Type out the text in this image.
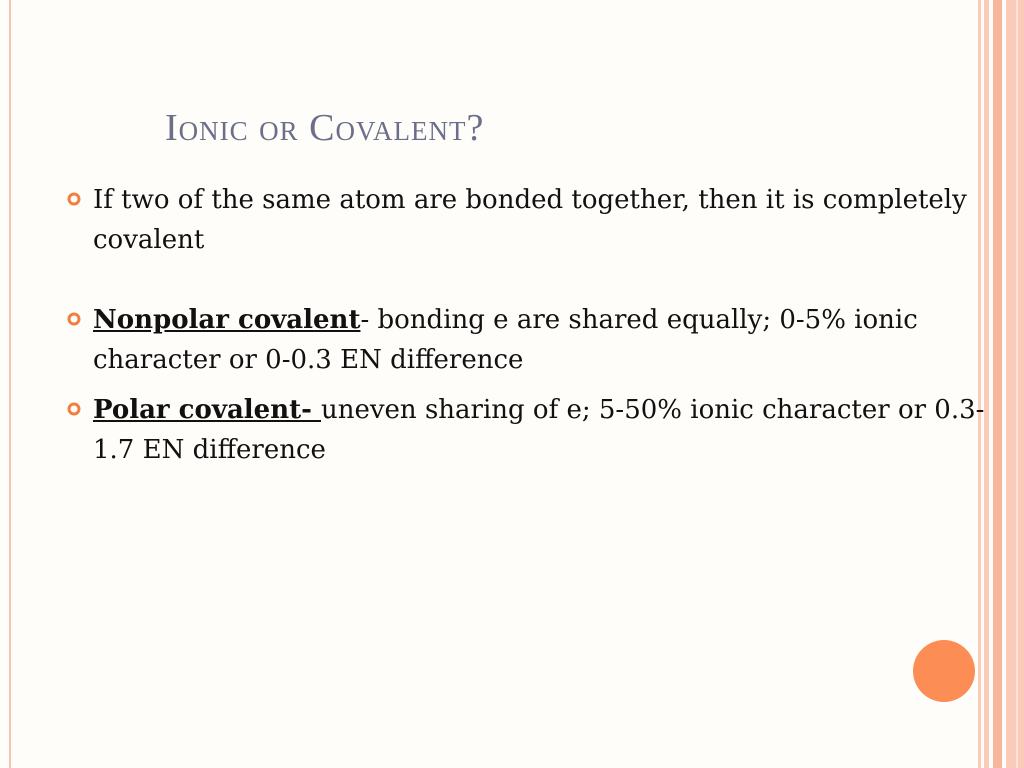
Ionic or Covalent?
If two of the same atom are bonded together, then it is completely covalent
Nonpolar covalent- bonding e are shared equally; 0-5% ionic character or 0-0.3 EN difference
Polar covalent- uneven sharing of e; 5-50% ionic character or 0.3-1.7 EN difference
